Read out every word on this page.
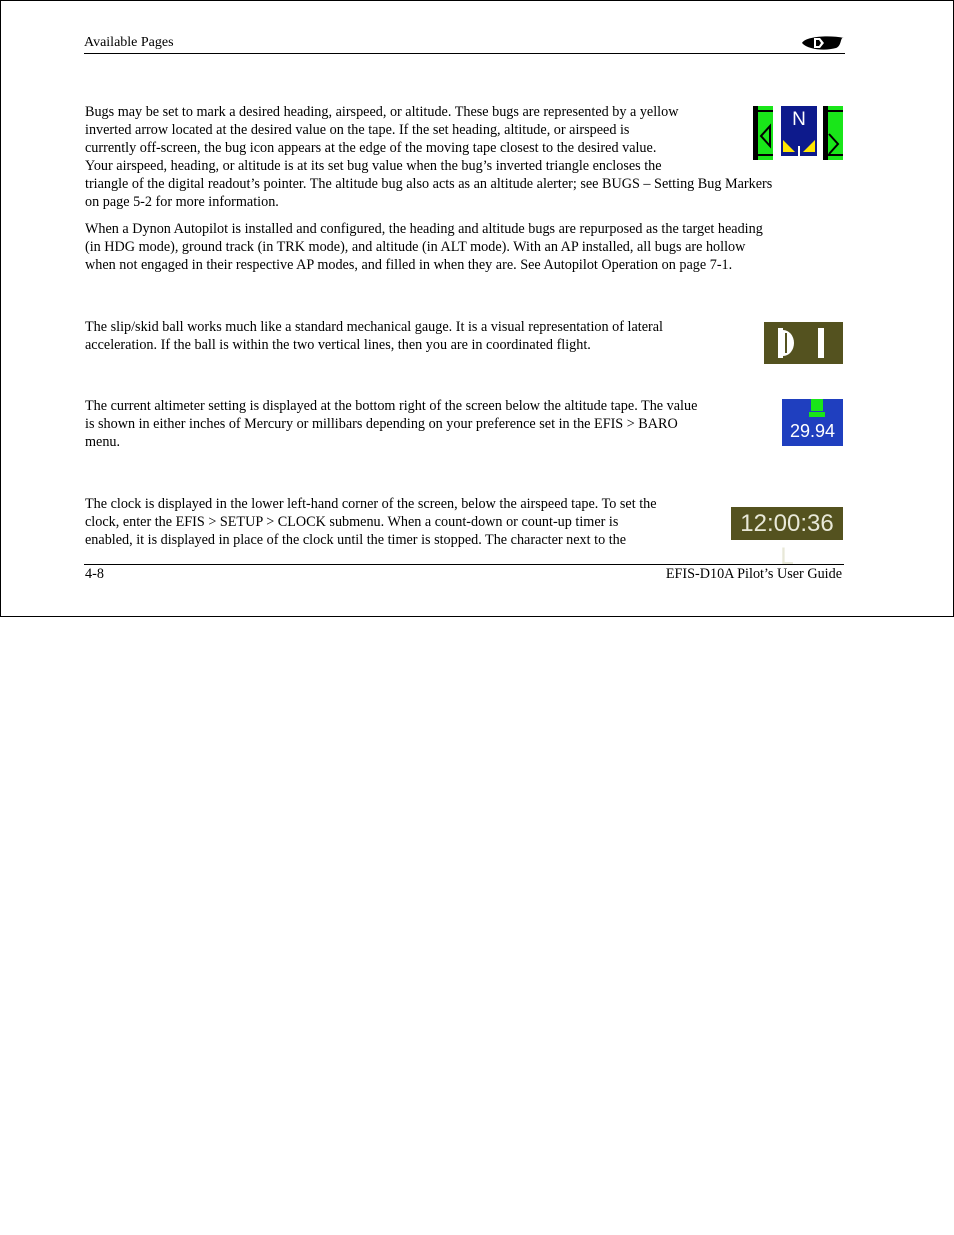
Available Pages

Bugs may be set to mark a desired heading, airspeed, or altitude. These bugs are represented by a yellow
inverted arrow located at the desired value on the tape. If the set heading, altitude, or airspeed is
currently off-screen, the bug icon appears at the edge of the moving tape closest to the desired value.
Your airspeed, heading, or altitude is at its set bug value when the bug’s inverted triangle encloses the
triangle of the digital readout’s pointer. The altitude bug also acts as an altitude alerter; see BUGS – Setting Bug Markers
on page 5-2 for more information.

N

When a Dynon Autopilot is installed and configured, the heading and altitude bugs are repurposed as the target heading
(in HDG mode), ground track (in TRK mode), and altitude (in ALT mode). With an AP installed, all bugs are hollow
when not engaged in their respective AP modes, and filled in when they are. See Autopilot Operation on page 7-1.

The slip/skid ball works much like a standard mechanical gauge. It is a visual representation of lateral
acceleration. If the ball is within the two vertical lines, then you are in coordinated flight.

The current altimeter setting is displayed at the bottom right of the screen below the altitude tape. The value
is shown in either inches of Mercury or millibars depending on your preference set in the EFIS > BARO
menu.

29.94

The clock is displayed in the lower left-hand corner of the screen, below the airspeed tape. To set the
clock, enter the EFIS > SETUP > CLOCK submenu. When a count-down or count-up timer is
enabled, it is displayed in place of the clock until the timer is stopped. The character next to the

12:00:36 L
4-8	EFIS-D10A Pilot’s User Guide
